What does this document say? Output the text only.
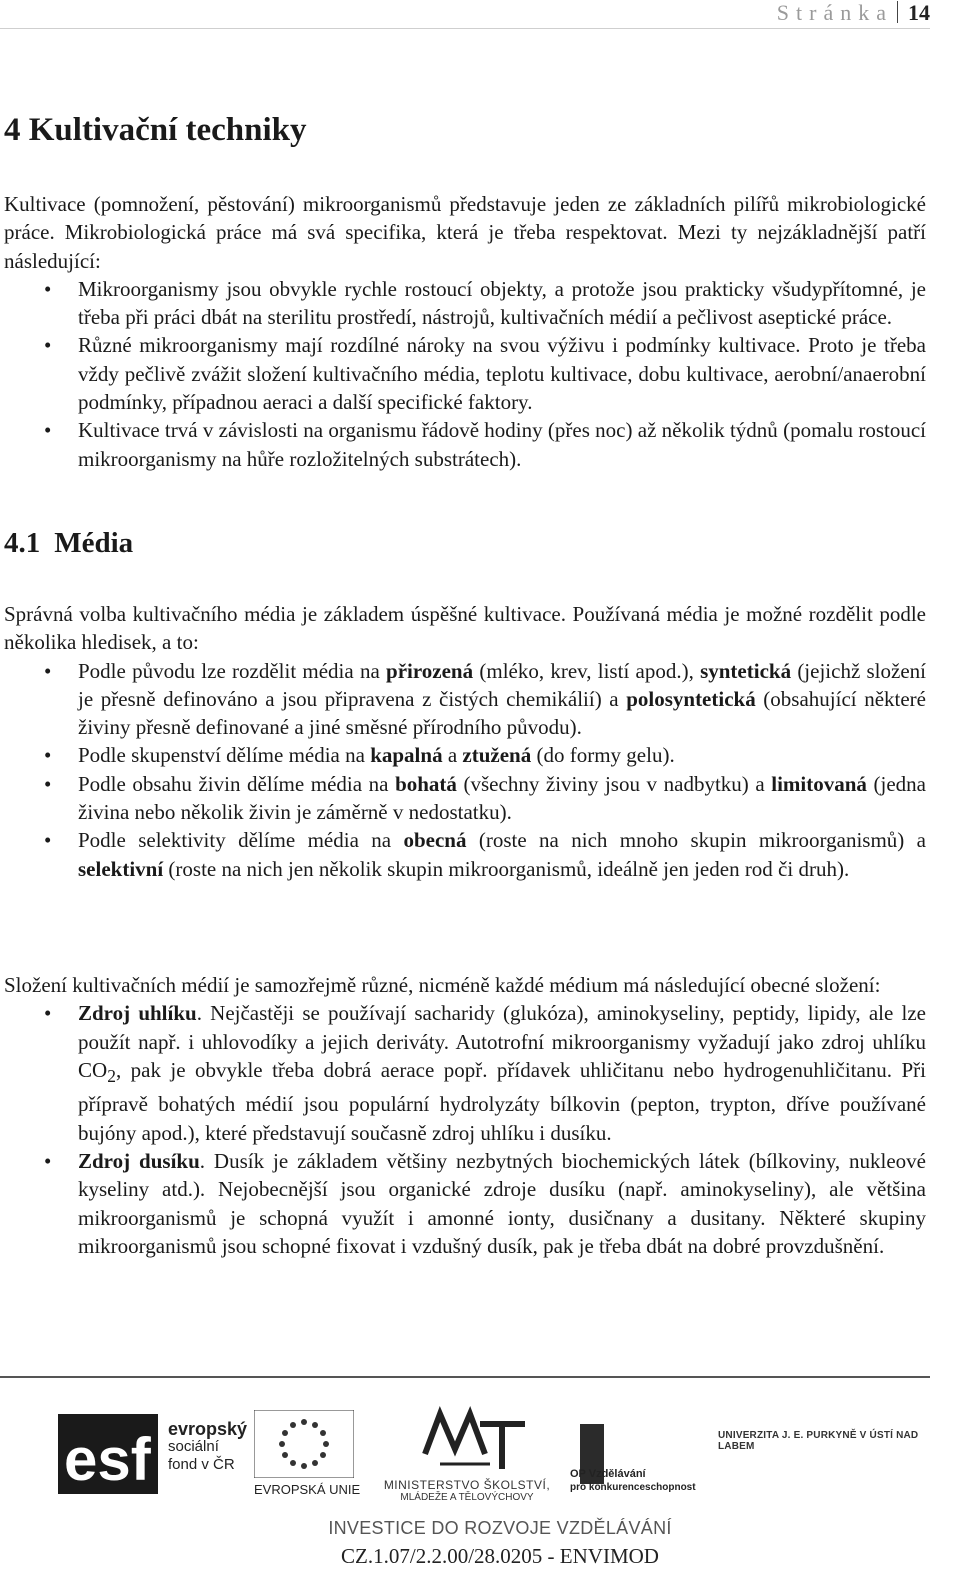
Stránka 14
4 Kultivační techniky

Kultivace (pomnožení, pěstování) mikroorganismů představuje jeden ze základních pilířů mikrobiologické práce. Mikrobiologická práce má svá specifika, která je třeba respektovat. Mezi ty nejzákladnější patří následující:

• Mikroorganismy jsou obvykle rychle rostoucí objekty, a protože jsou prakticky všudypřítomné, je třeba při práci dbát na sterilitu prostředí, nástrojů, kultivačních médií a pečlivost aseptické práce.
• Různé mikroorganismy mají rozdílné nároky na svou výživu i podmínky kultivace. Proto je třeba vždy pečlivě zvážit složení kultivačního média, teplotu kultivace, dobu kultivace, aerobní/anaerobní podmínky, případnou aeraci a další specifické faktory.
• Kultivace trvá v závislosti na organismu řádově hodiny (přes noc) až několik týdnů (pomalu rostoucí mikroorganismy na hůře rozložitelných substrátech).
4.1 Média

Správná volba kultivačního média je základem úspěšné kultivace. Používaná média je možné rozdělit podle několika hledisek, a to:

• Podle původu lze rozdělit média na přirozená (mléko, krev, listí apod.), syntetická (jejichž složení je přesně definováno a jsou připravena z čistých chemikálií) a polosyntetická (obsahující některé živiny přesně definované a jiné směsné přírodního původu).
• Podle skupenství dělíme média na kapalná a ztužená (do formy gelu).
• Podle obsahu živin dělíme média na bohatá (všechny živiny jsou v nadbytku) a limitovaná (jedna živina nebo několik živin je záměrně v nedostatku).
• Podle selektivity dělíme média na obecná (roste na nich mnoho skupin mikroorganismů) a selektivní (roste na nich jen několik skupin mikroorganismů, ideálně jen jeden rod či druh).

Složení kultivačních médií je samozřejmě různé, nicméně každé médium má následující obecné složení:

• Zdroj uhlíku. Nejčastěji se používají sacharidy (glukóza), aminokyseliny, peptidy, lipidy, ale lze použít např. i uhlovodíky a jejich deriváty. Autotrofní mikroorganismy vyžadují jako zdroj uhlíku $CO_2$, pak je obvykle třeba dobrá aerace popř. přídavek uhličitanu nebo hydrogenuhličitanu. Při přípravě bohatých médií jsou populární hydrolyzáty bílkovin (pepton, trypton, dříve používané bujóny apod.), které představují současně zdroj uhlíku i dusíku.
• Zdroj dusíku. Dusík je základem většiny nezbytných biochemických látek (bílkoviny, nukleové kyseliny atd.). Nejobecnější jsou organické zdroje dusíku (např. aminokyseliny), ale většina mikroorganismů je schopná využít i amonné ionty, dusičnany a dusitany. Některé skupiny mikroorganismů jsou schopné fixovat i vzdušný dusík, pak je třeba dbát na dobré provzdušnění.
esf evropský
sociální
fond v ČR
EVROPSKÁ UNIE	MINISTERSTVO ŠKOLSTVÍ,
MLÁDEŽE A TĚLOVÝCHOVY
OP Vzdělávání
pro konkurenceschopnost
UNIVERZITA J. E. PURKYNĚ V ÚSTÍ NAD LABEM
INVESTICE DO ROZVOJE VZDĚLÁVÁNÍ
CZ.1.07/2.2.00/28.0205 - ENVIMOD
